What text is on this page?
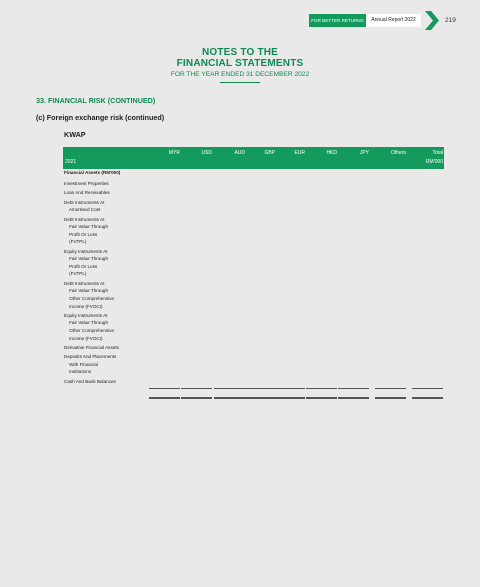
FOR BETTER RETURNS	Annual Report 2022	219
NOTES TO THE
FINANCIAL STATEMENTS
FOR THE YEAR ENDED 31 DECEMBER 2022
33. FINANCIAL RISK (CONTINUED)
(c) Foreign exchange risk (continued)
KWAP
2021	RM'000
MYR	USD	AUD	GBP	EUR	HKD	JPY	Others	Total
Financial Assets (RM'000)
Investment Properties
Loan And Receivables
Debt Instruments At
Amortised Cost
Debt Instruments At
Fair Value Through
Profit Or Loss
(FVTPL)
Equity Instruments At
Fair Value Through
Profit Or Loss
(FVTPL)
Debt Instruments At
Fair Value Through
Other Comprehensive
Income (FVOCI)
Equity Instruments At
Fair Value Through
Other Comprehensive
Income (FVOCI)
Derivative Financial Assets
Deposits And Placements
With Financial
Institutions
Cash And Bank Balances
